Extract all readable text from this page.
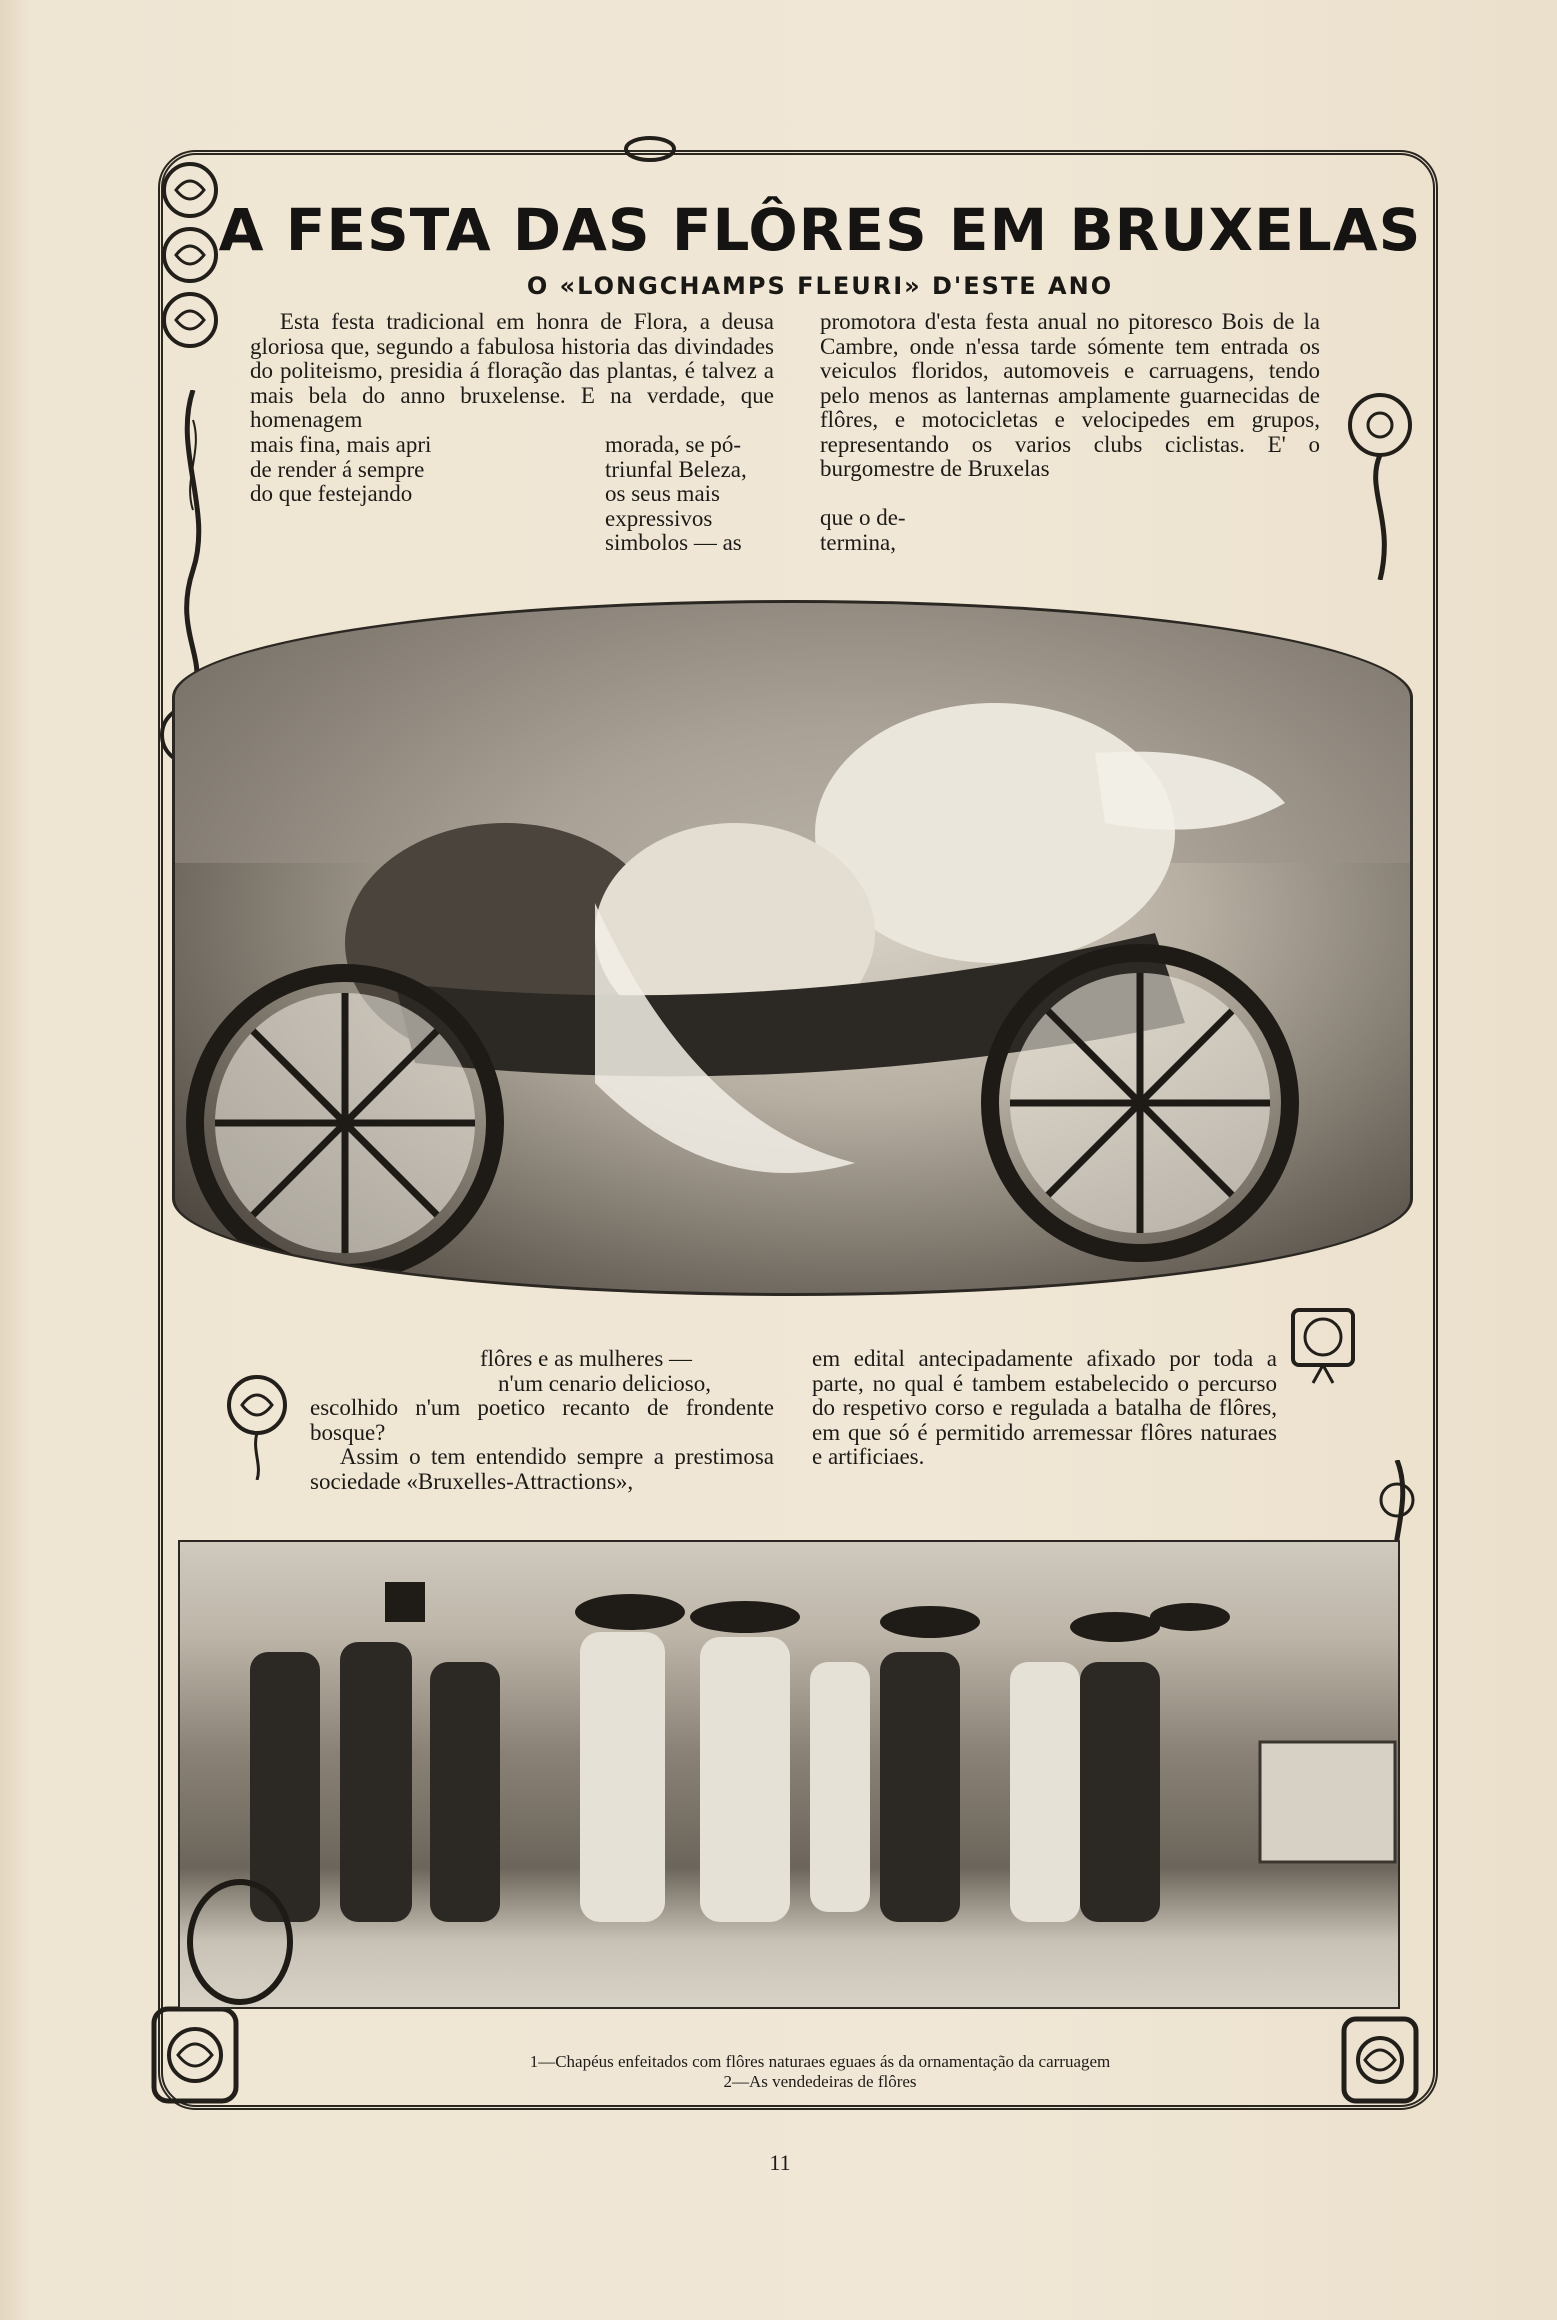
A FESTA DAS FLÔRES EM BRUXELAS
O «LONGCHAMPS FLEURI» D'ESTE ANO

Esta festa tradicional em honra de Flora, a deusa gloriosa que, segundo a fabulosa historia das divindades do politeismo, presidia á floração das plantas, é talvez a mais bela do anno bruxelense. E na verdade, que homenagem

mais fina, mais apri
de render á sempre
do que festejando
morada, se pó-
triunfal Beleza,
os seus mais
expressivos
simbolos — as
promotora d'esta festa anual no pitoresco Bois de la Cambre, onde n'essa tarde sómente tem entrada os veiculos floridos, automoveis e carruagens, tendo pelo menos as lanternas amplamente guarnecidas de flôres, e motocicletas e velocipedes em grupos, representando os varios clubs ciclistas. E' o burgomestre de Bruxelas
que o de-
termina,
flôres e as mulheres —
n'um cenario delicioso,
escolhido n'um poetico recanto de frondente bosque?

Assim o tem entendido sempre a prestimosa sociedade «Bruxelles-Attractions»,

em edital antecipadamente afixado por toda a parte, no qual é tambem estabelecido o percurso do respetivo corso e regulada a batalha de flôres, em que só é permitido arremessar flôres naturaes e artificiaes.
1—Chapéus enfeitados com flôres naturaes eguaes ás da ornamentação da carruagem
2—As vendedeiras de flôres
11
